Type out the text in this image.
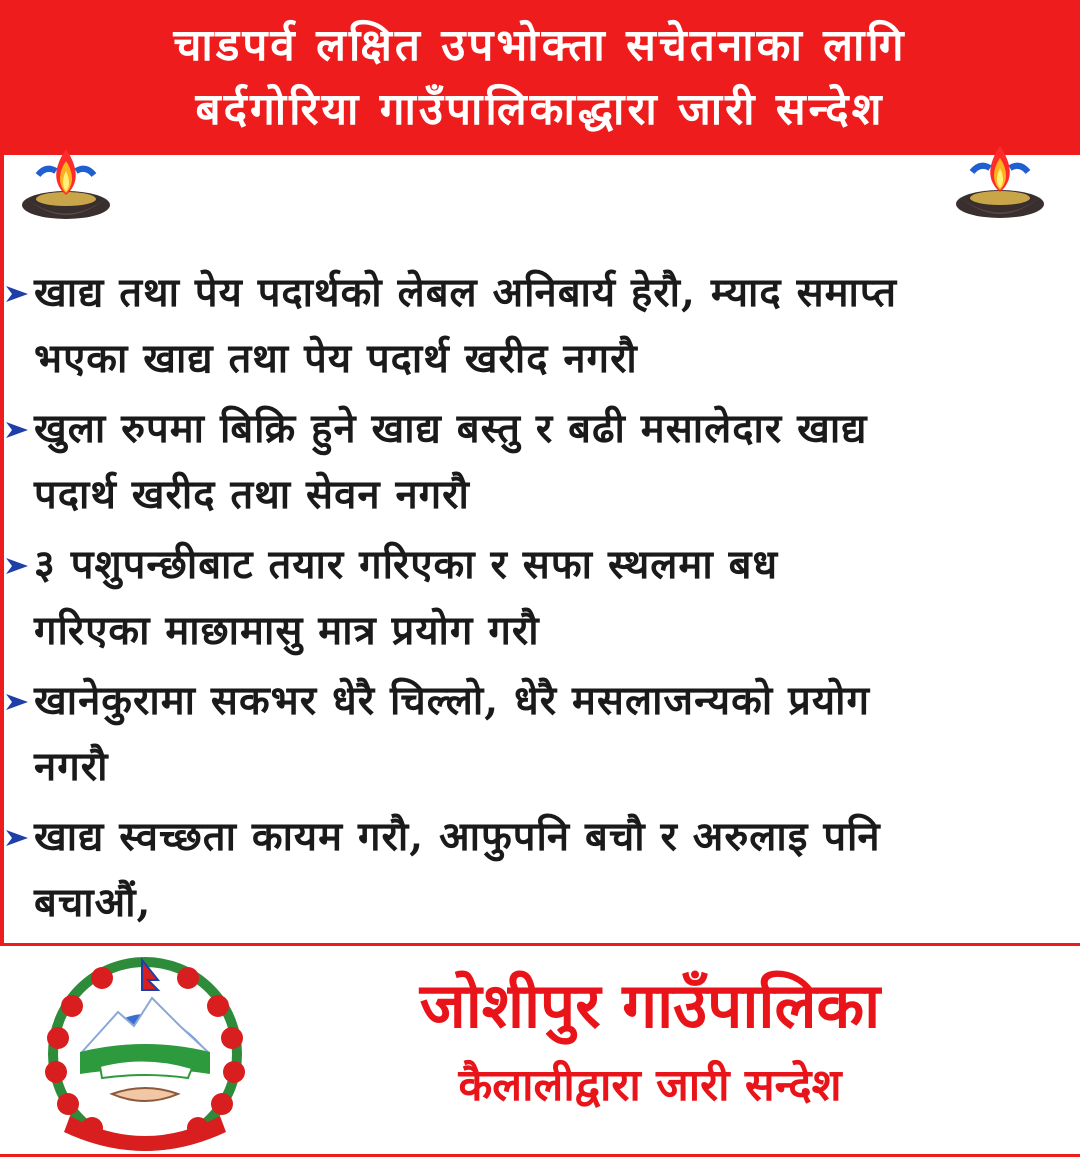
चाडपर्व लक्षित उपभोक्ता सचेतनाका लागि
बर्दगोरिया गाउँपालिकाद्धारा जारी सन्देश
खाद्य तथा पेय पदार्थको लेबल अनिबार्य हेरौ, म्याद समाप्त
भएका खाद्य तथा पेय पदार्थ खरीद नगरौ
खुला रुपमा बिक्रि हुने खाद्य बस्तु र बढी मसालेदार खाद्य
पदार्थ खरीद तथा सेवन नगरौ
३ पशुपन्छीबाट तयार गरिएका र सफा स्थलमा बध
गरिएका माछामासु मात्र प्रयोग गरौ
खानेकुरामा सकभर धेरै चिल्लो, धेरै मसलाजन्यको प्रयोग
नगरौ
खाद्य स्वच्छता कायम गरौ, आफुपनि बचौ र अरुलाइ पनि
बचाऔं,
जोशीपुर गाउँपालिका
कैलालीद्वारा जारी सन्देश
